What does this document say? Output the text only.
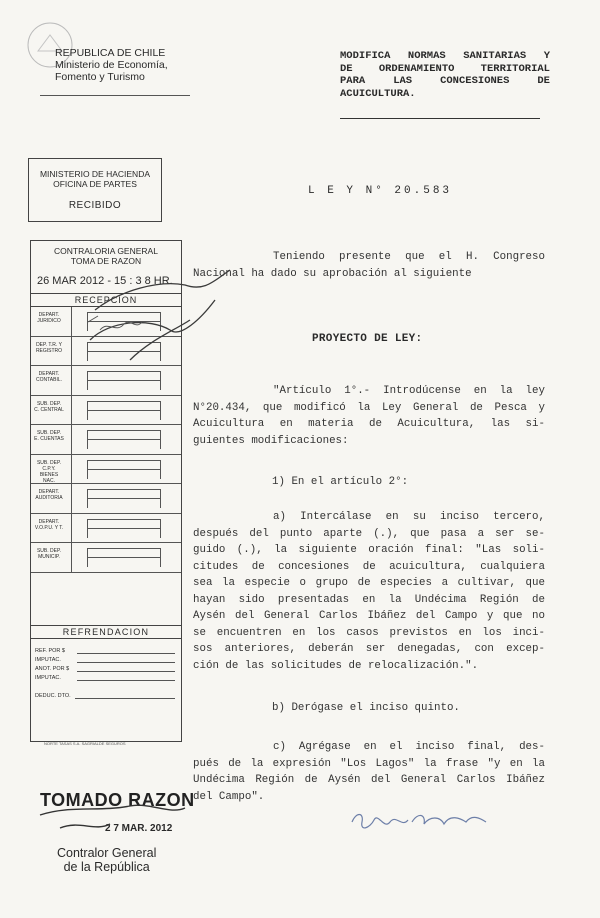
REPUBLICA DE CHILE
Ministerio de Economía,
Fomento y Turismo
MODIFICA NORMAS SANITARIAS Y
DE ORDENAMIENTO TERRITORIAL
PARA LAS CONCESIONES DE
ACUICULTURA.
MINISTERIO DE HACIENDA
OFICINA DE PARTES
RECIBIDO
CONTRALORIA GENERAL
TOMA DE RAZON
26 MAR 2012 - 15 : 3 8 HR.
RECEPCION
DEPART. JURIDICO
DEP. T.R. Y REGISTRO
DEPART. CONTABIL.
SUB. DEP. C. CENTRAL
SUB. DEP. E. CUENTAS
SUB. DEP. C.P.Y. BIENES NAC.
DEPART. AUDITORIA
DEPART. V.O.P.U. Y T.
SUB. DEP. MUNICIP.
REFRENDACION
REF. POR $
IMPUTAC.
ANOT. POR $
IMPUTAC.
DEDUC. DTO.
NORTE TASAS S.A. SAGRIALDE SEGUROS
TOMADO RAZON
2 7 MAR. 2012
Contralor General
de la República
L E Y N° 20.583
Teniendo presente que el H. Congreso
Nacional ha dado su aprobación al siguiente
PROYECTO DE LEY:
"Artículo 1°.- Introdúcense en la ley
N°20.434, que modificó la Ley General de Pesca y
Acuicultura en materia de Acuicultura, las si-
guientes modificaciones:
1) En el artículo 2°:
a) Intercálase en su inciso tercero,
después del punto aparte (.), que pasa a ser se-
guido (.), la siguiente oración final: "Las soli-
citudes de concesiones de acuicultura, cualquiera
sea la especie o grupo de especies a cultivar, que
hayan sido presentadas en la Undécima Región de
Aysén del General Carlos Ibáñez del Campo y que no
se encuentren en los casos previstos en los inci-
sos anteriores, deberán ser denegadas, con excep-
ción de las solicitudes de relocalización.".
b) Derógase el inciso quinto.
c) Agrégase en el inciso final, des-
pués de la expresión "Los Lagos" la frase "y en la
Undécima Región de Aysén del General Carlos Ibáñez
del Campo".
